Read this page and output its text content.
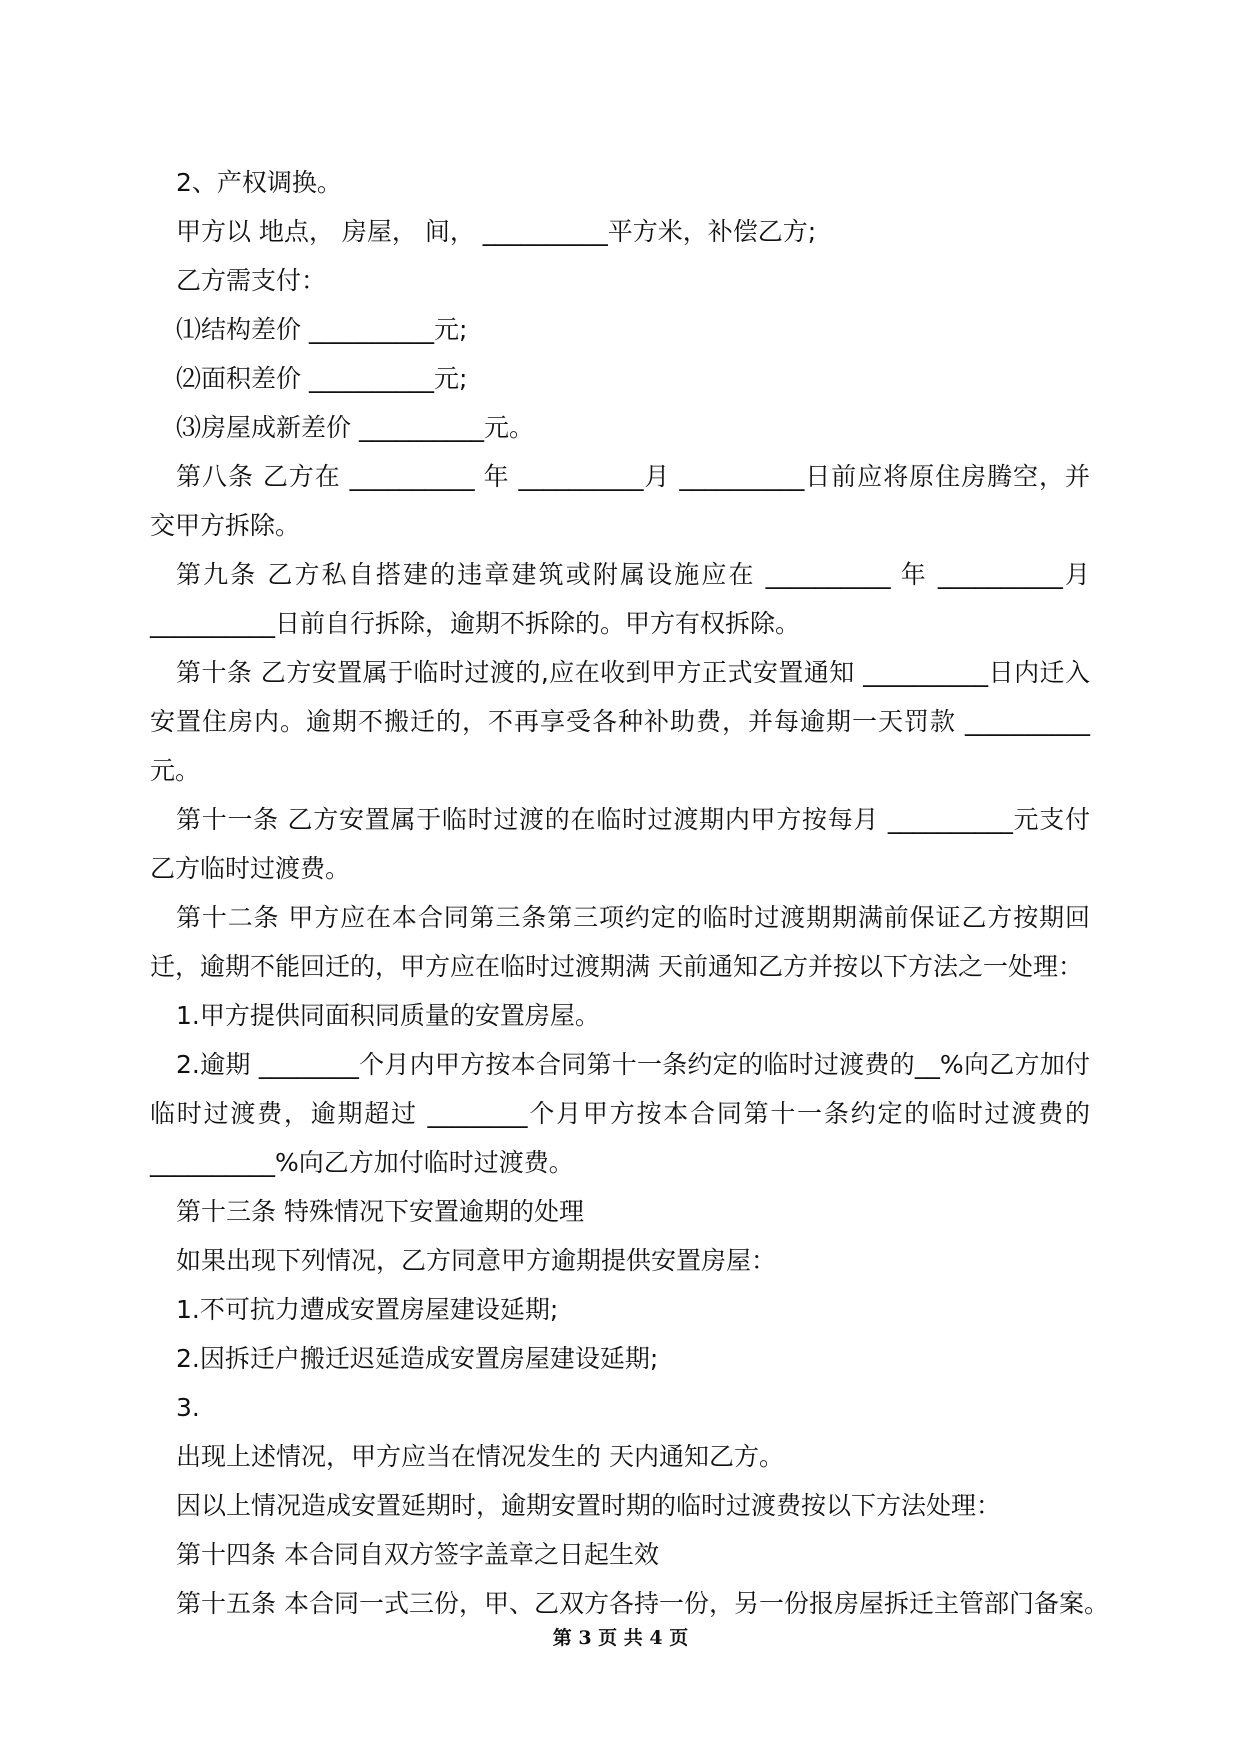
2、产权调换。

甲方以 地点， 房屋， 间， __________平方米，补偿乙方;

乙方需支付：

⑴结构差价 __________元;

⑵面积差价 __________元;

⑶房屋成新差价 __________元。

第八条 乙方在 __________ 年 __________月 __________日前应将原住房腾空，并交甲方拆除。

第九条 乙方私自搭建的违章建筑或附属设施应在 __________ 年 __________月 __________日前自行拆除，逾期不拆除的。甲方有权拆除。

第十条 乙方安置属于临时过渡的,应在收到甲方正式安置通知 __________日内迁入安置住房内。逾期不搬迁的，不再享受各种补助费，并每逾期一天罚款 __________元。

第十一条 乙方安置属于临时过渡的在临时过渡期内甲方按每月 __________元支付乙方临时过渡费。

第十二条 甲方应在本合同第三条第三项约定的临时过渡期期满前保证乙方按期回迁，逾期不能回迁的，甲方应在临时过渡期满 天前通知乙方并按以下方法之一处理：

1.甲方提供同面积同质量的安置房屋。

2.逾期 ________个月内甲方按本合同第十一条约定的临时过渡费的__%向乙方加付临时过渡费，逾期超过 ________个月甲方按本合同第十一条约定的临时过渡费的__________%向乙方加付临时过渡费。

第十三条 特殊情况下安置逾期的处理

如果出现下列情况，乙方同意甲方逾期提供安置房屋：

1.不可抗力遭成安置房屋建设延期;

2.因拆迁户搬迁迟延造成安置房屋建设延期;

3.

出现上述情况，甲方应当在情况发生的 天内通知乙方。

因以上情况造成安置延期时，逾期安置时期的临时过渡费按以下方法处理：

第十四条 本合同自双方签字盖章之日起生效

第十五条 本合同一式三份，甲、乙双方各持一份，另一份报房屋拆迁主管部门备案。

第 3 页 共 4 页
